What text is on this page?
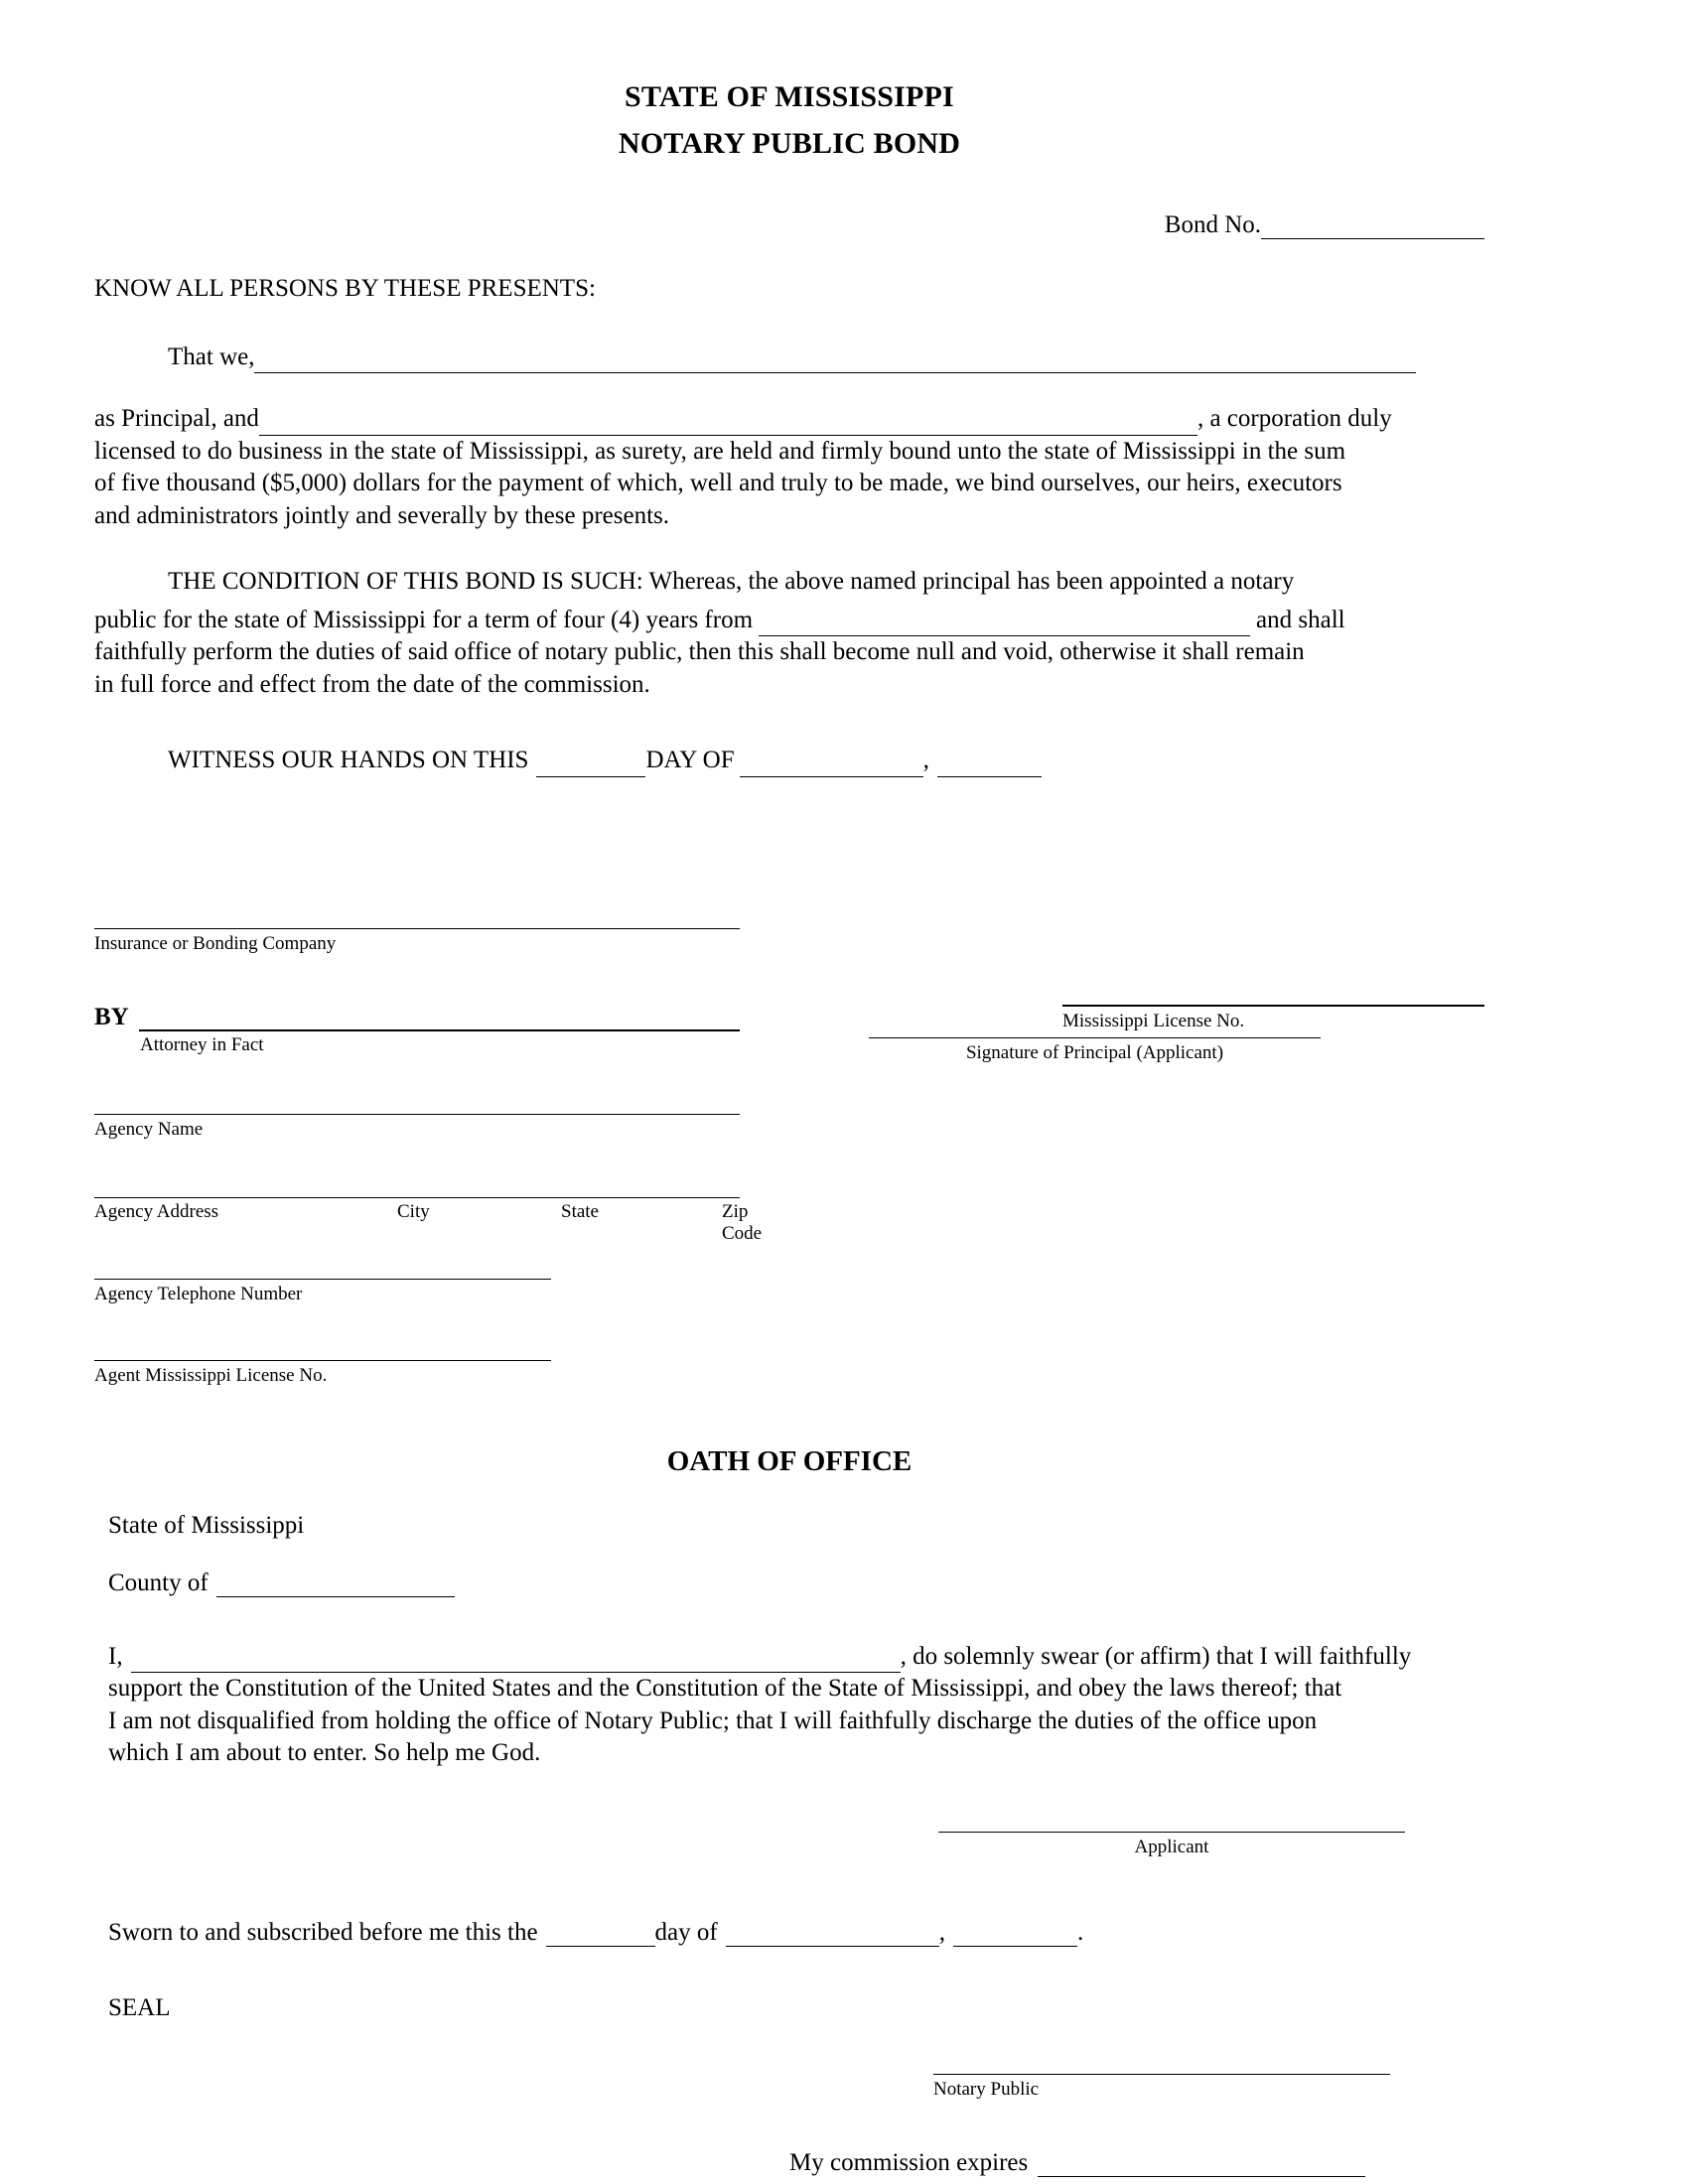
STATE OF MISSISSIPPI
NOTARY PUBLIC BOND
Bond No.
KNOW ALL PERSONS BY THESE PRESENTS:
That we,
as Principal, and	, a corporation duly
licensed to do business in the state of Mississippi, as surety, are held and firmly bound unto the state of Mississippi in the sum
of five thousand ($5,000) dollars for the payment of which, well and truly to be made, we bind ourselves, our heirs, executors
and administrators jointly and severally by these presents.
THE CONDITION OF THIS BOND IS SUCH: Whereas, the above named principal has been appointed a notary
public for the state of Mississippi for a term of four (4) years from	and shall
faithfully perform the duties of said office of notary public, then this shall become null and void, otherwise it shall remain
in full force and effect from the date of the commission.
WITNESS OUR HANDS ON THIS	DAY OF	,
Signature of Principal (Applicant)
Insurance or Bonding Company
BY
Attorney in Fact
Mississippi License No.
Agency Name
Agency Address	City	State	Zip Code
Agency Telephone Number
Agent Mississippi License No.
OATH OF OFFICE
State of Mississippi
County of
I,	, do solemnly swear (or affirm) that I will faithfully
support the Constitution of the United States and the Constitution of the State of Mississippi, and obey the laws thereof; that
I am not disqualified from holding the office of Notary Public; that I will faithfully discharge the duties of the office upon
which I am about to enter. So help me God.
Applicant
Sworn to and subscribed before me this the	day of	,	.
SEAL
Notary Public
My commission expires
